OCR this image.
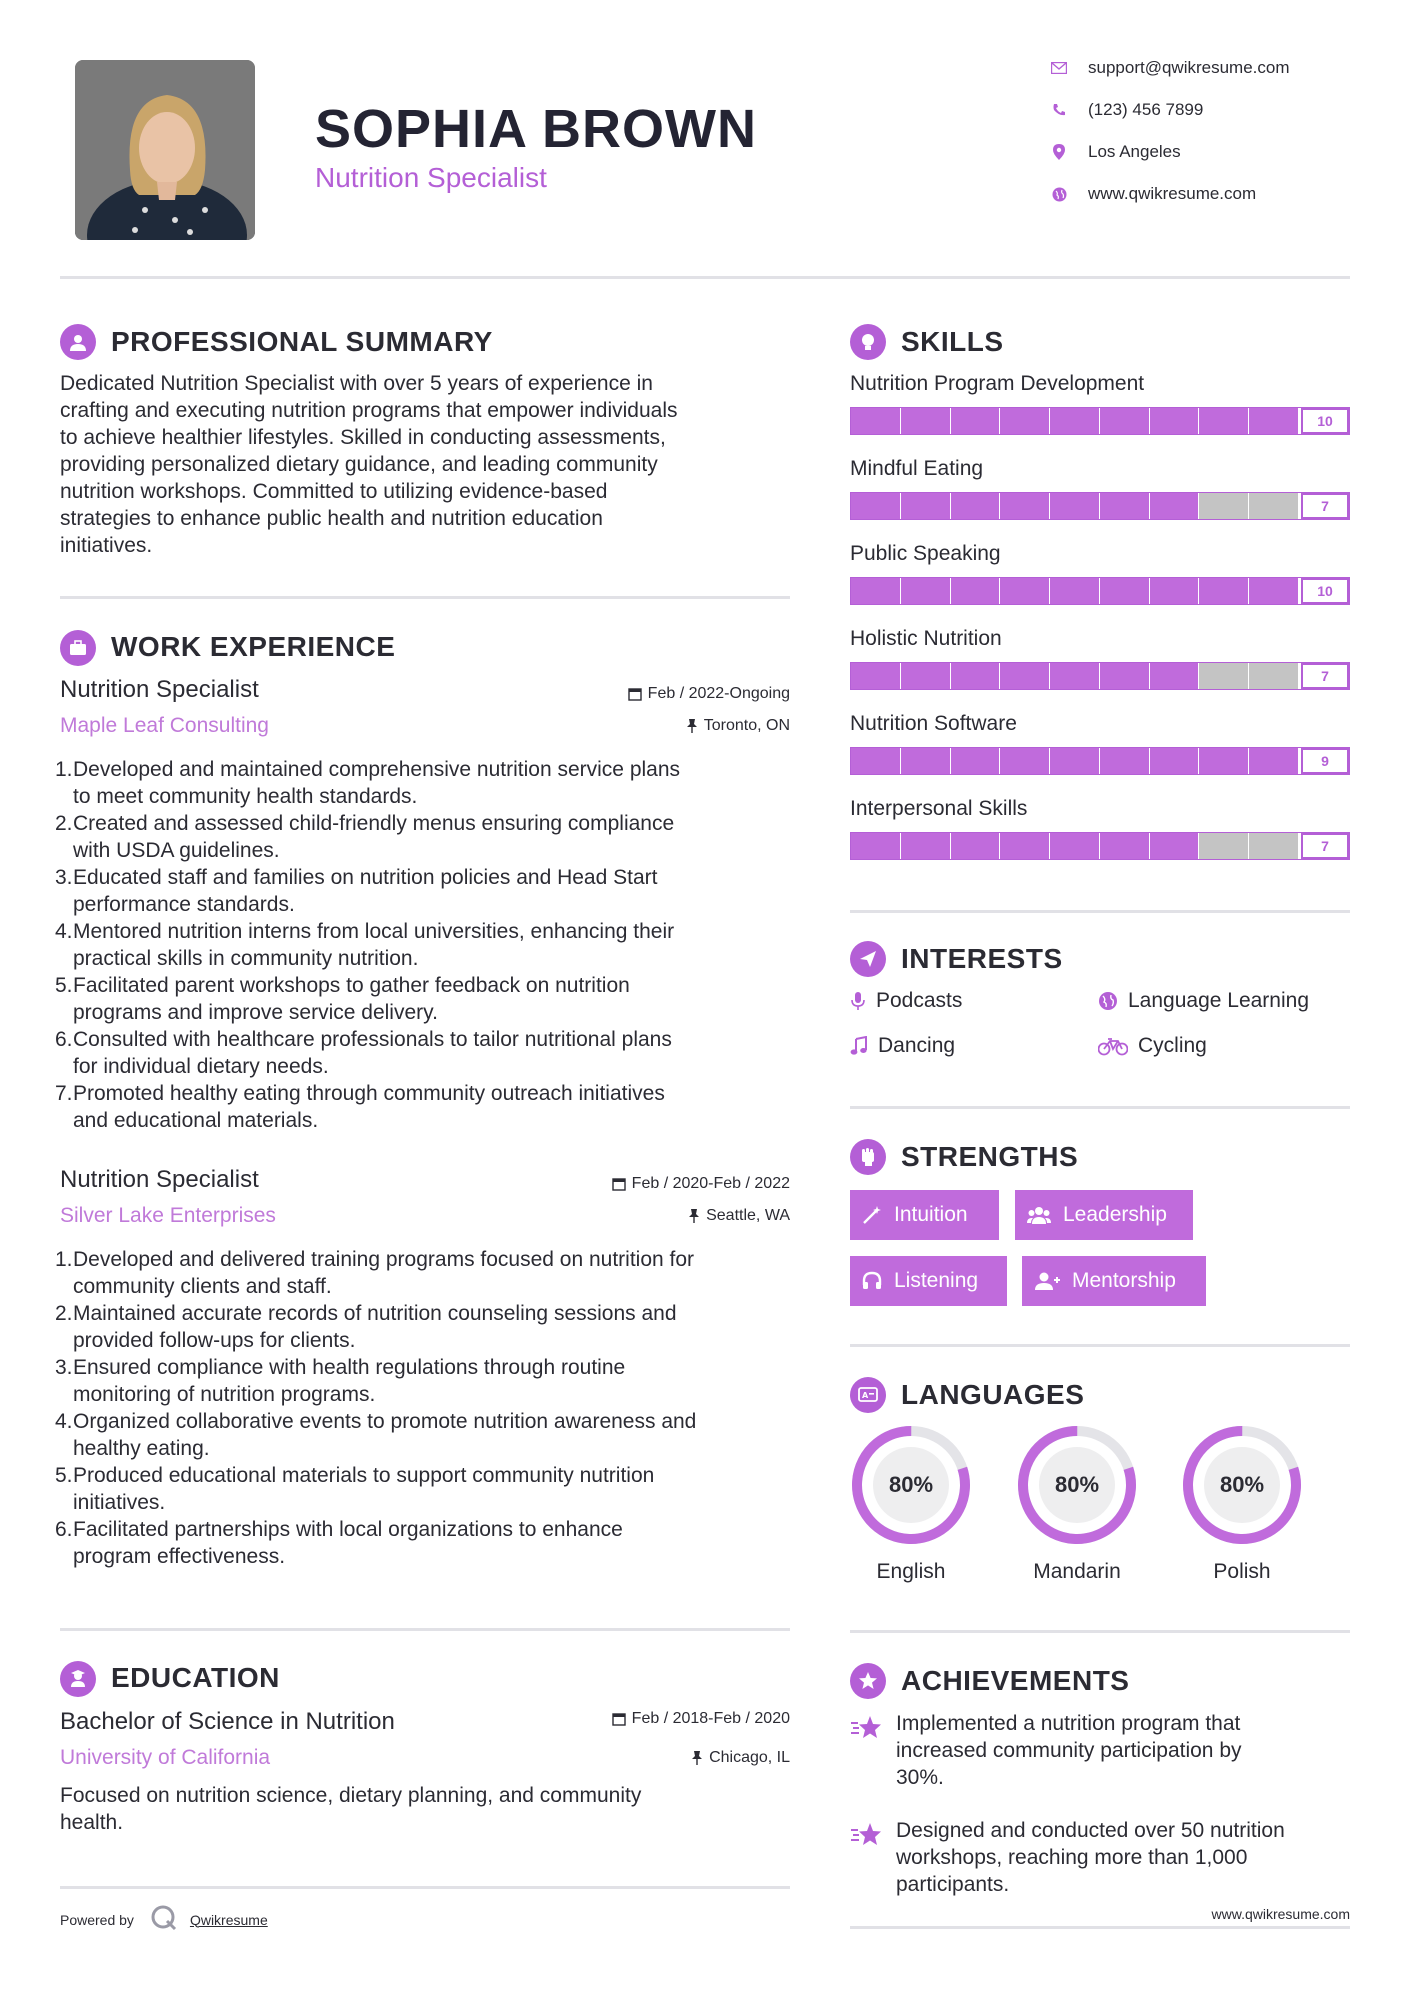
SOPHIA BROWN
Nutrition Specialist
support@qwikresume.com
(123) 456 7899
Los Angeles
www.qwikresume.com
PROFESSIONAL SUMMARY
Dedicated Nutrition Specialist with over 5 years of experience in
crafting and executing nutrition programs that empower individuals
to achieve healthier lifestyles. Skilled in conducting assessments,
providing personalized dietary guidance, and leading community
nutrition workshops. Committed to utilizing evidence-based
strategies to enhance public health and nutrition education
initiatives.
WORK EXPERIENCE
Nutrition Specialist	Feb / 2022-Ongoing
Maple Leaf Consulting	Toronto, ON
1. Developed and maintained comprehensive nutrition service plans
to meet community health standards.
2. Created and assessed child-friendly menus ensuring compliance
with USDA guidelines.
3. Educated staff and families on nutrition policies and Head Start
performance standards.
4. Mentored nutrition interns from local universities, enhancing their
practical skills in community nutrition.
5. Facilitated parent workshops to gather feedback on nutrition
programs and improve service delivery.
6. Consulted with healthcare professionals to tailor nutritional plans
for individual dietary needs.
7. Promoted healthy eating through community outreach initiatives
and educational materials.
Nutrition Specialist	Feb / 2020-Feb / 2022
Silver Lake Enterprises	Seattle, WA
1. Developed and delivered training programs focused on nutrition for
community clients and staff.
2. Maintained accurate records of nutrition counseling sessions and
provided follow-ups for clients.
3. Ensured compliance with health regulations through routine
monitoring of nutrition programs.
4. Organized collaborative events to promote nutrition awareness and
healthy eating.
5. Produced educational materials to support community nutrition
initiatives.
6. Facilitated partnerships with local organizations to enhance
program effectiveness.
EDUCATION
Bachelor of Science in Nutrition	Feb / 2018-Feb / 2020
University of California	Chicago, IL
Focused on nutrition science, dietary planning, and community
health.
Powered by	Qwikresume
SKILLS
Nutrition Program Development
10
Mindful Eating
7
Public Speaking
10
Holistic Nutrition
7
Nutrition Software
9
Interpersonal Skills
7
INTERESTS
Podcasts	Language Learning
Dancing	Cycling
STRENGTHS
Intuition	Leadership
Listening	Mentorship
A LANGUAGES
80%
English
80%
Mandarin
80%
Polish
ACHIEVEMENTS
Implemented a nutrition program that
increased community participation by
30%.
Designed and conducted over 50 nutrition
workshops, reaching more than 1,000
participants.
www.qwikresume.com
